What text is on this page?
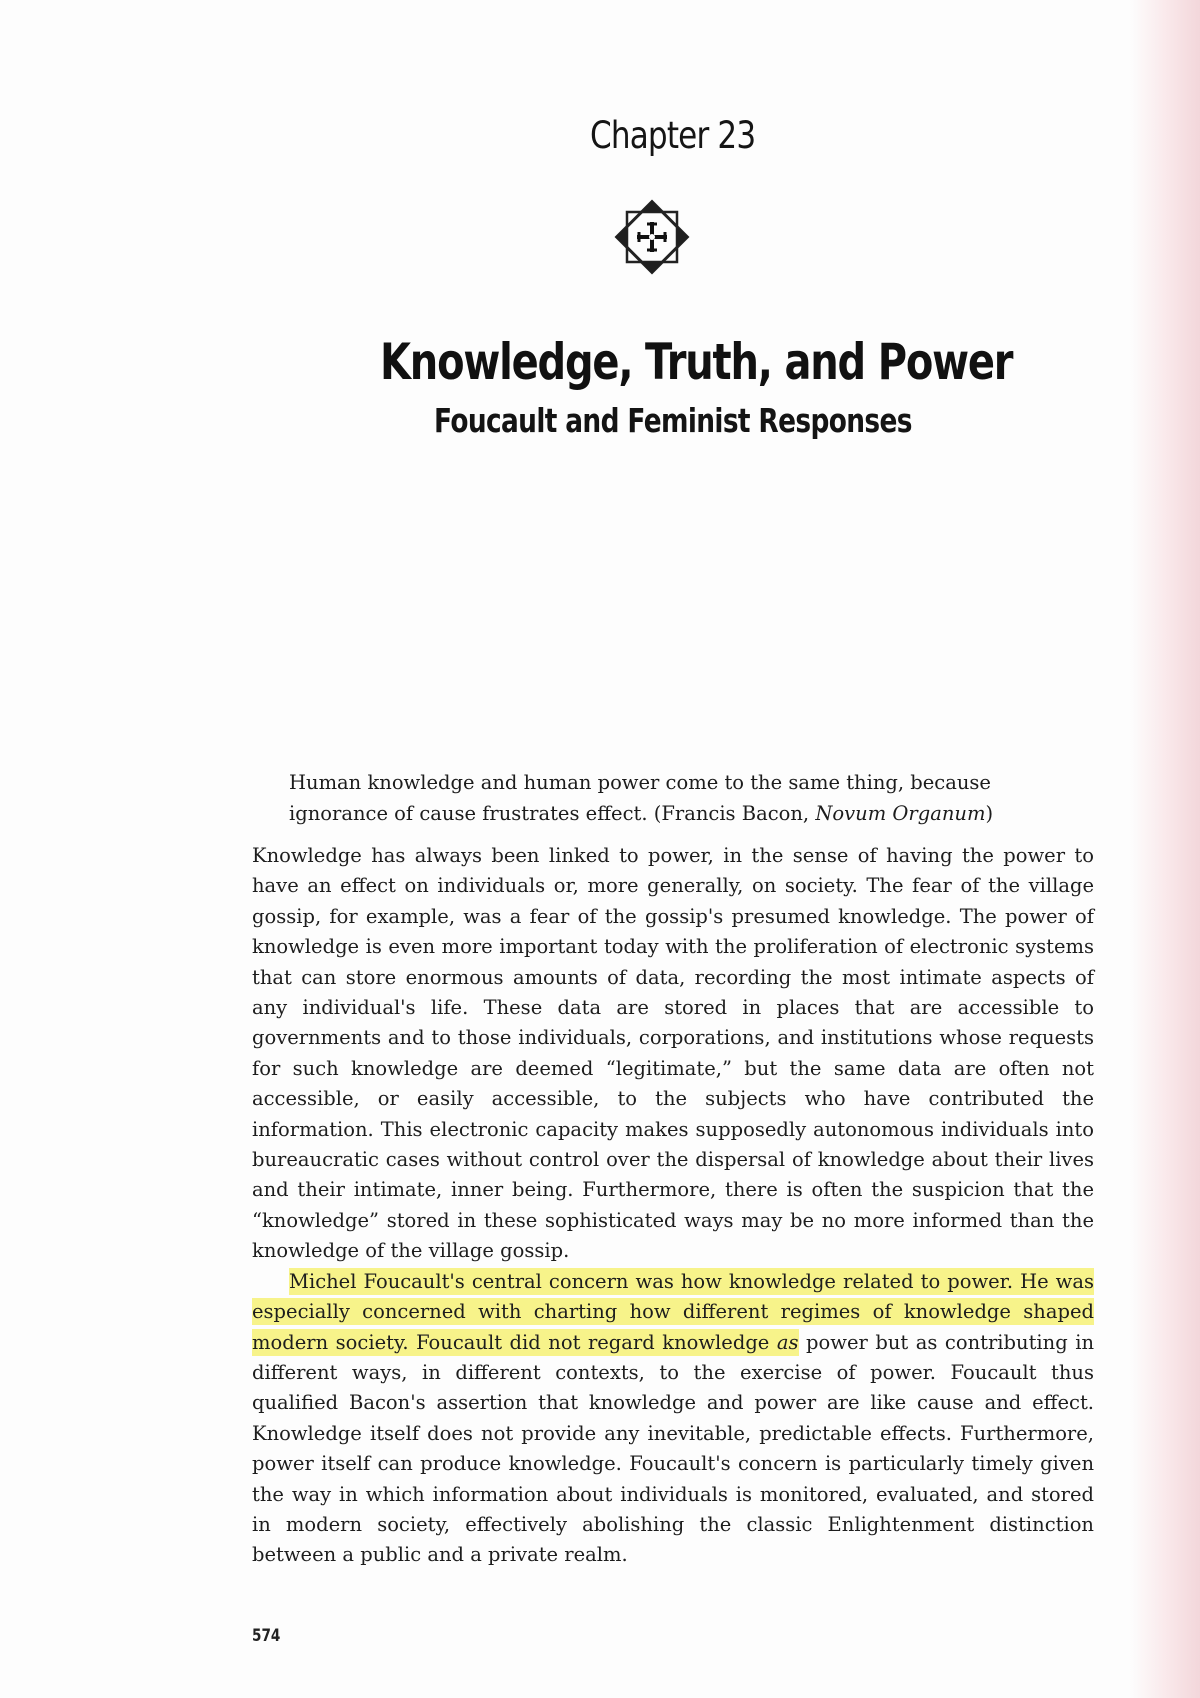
Chapter 23
Knowledge, Truth, and Power
Foucault and Feminist Responses
Human knowledge and human power come to the same thing, because ignorance of cause frustrates effect. (Francis Bacon, Novum Organum)

Knowledge has always been linked to power, in the sense of having the power to have an effect on individuals or, more generally, on society. The fear of the village gossip, for example, was a fear of the gossip's presumed knowledge. The power of knowledge is even more important today with the proliferation of electronic systems that can store enormous amounts of data, recording the most intimate aspects of any individual's life. These data are stored in places that are accessible to governments and to those individuals, corporations, and institutions whose requests for such knowledge are deemed “legitimate,” but the same data are often not accessible, or easily accessible, to the subjects who have contributed the information. This electronic capacity makes supposedly autonomous individuals into bureaucratic cases without control over the dispersal of knowledge about their lives and their intimate, inner being. Furthermore, there is often the suspicion that the “knowledge” stored in these sophisticated ways may be no more informed than the knowledge of the village gossip.

Michel Foucault's central concern was how knowledge related to power. He was especially concerned with charting how different regimes of knowledge shaped modern society. Foucault did not regard knowledge as power but as contributing in different ways, in different contexts, to the exercise of power. Foucault thus qualified Bacon's assertion that knowledge and power are like cause and effect. Knowledge itself does not provide any inevitable, predictable effects. Furthermore, power itself can produce knowledge. Foucault's concern is particularly timely given the way in which information about individuals is monitored, evaluated, and stored in modern society, effectively abolishing the classic Enlightenment distinction between a public and a private realm.

574
